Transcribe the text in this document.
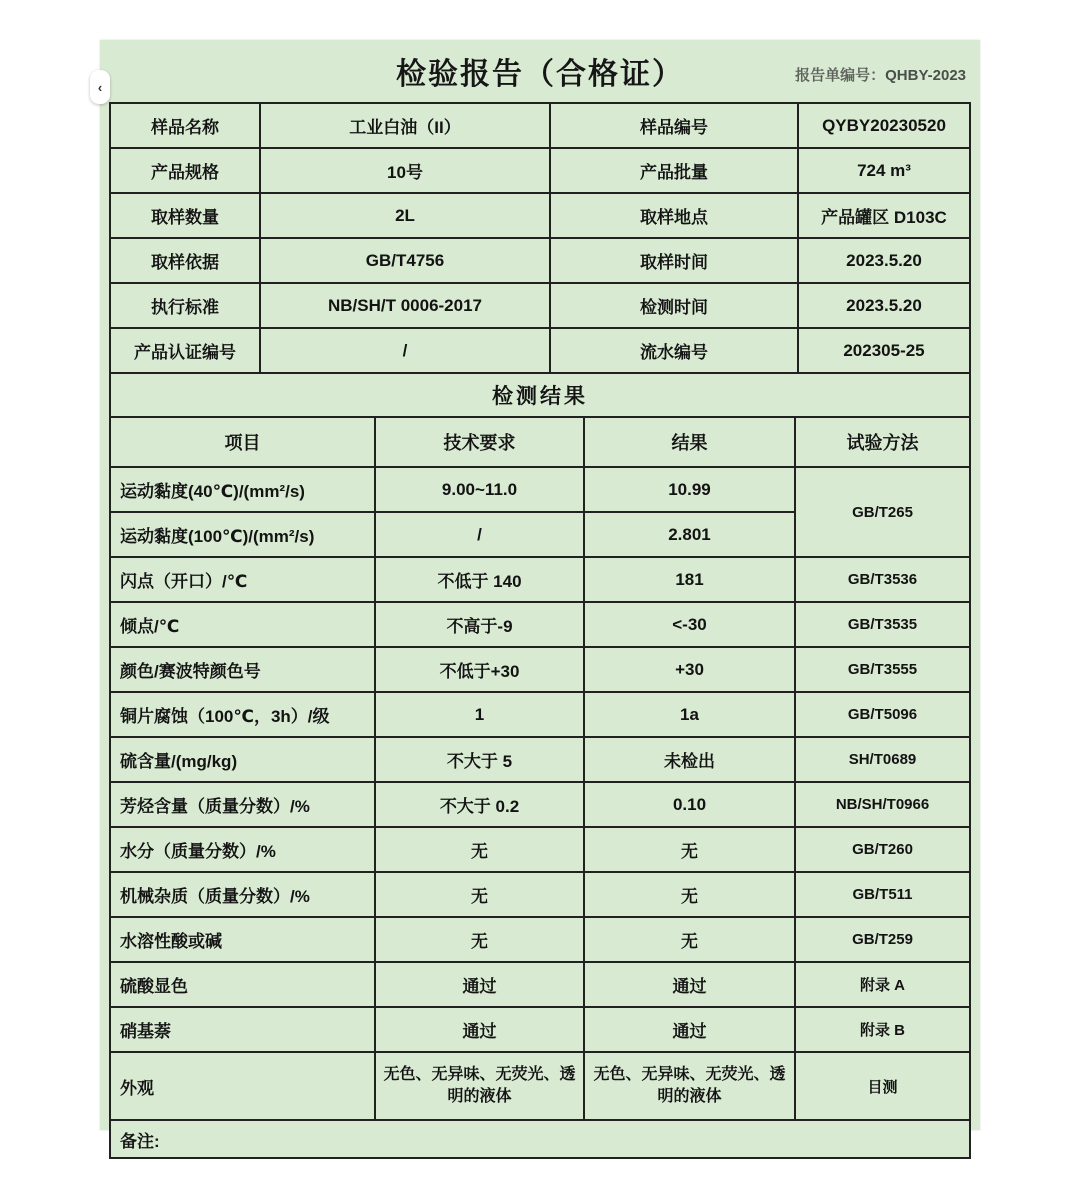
‹	检验报告（合格证）	报告单编号：QHBY-2023
样品名称	工业白油（II）	样品编号	QYBY20230520
产品规格	10号	产品批量	724 m³
取样数量	2L	取样地点	产品罐区 D103C
取样依据	GB/T4756	取样时间	2023.5.20
执行标准	NB/SH/T 0006-2017	检测时间	2023.5.20
产品认证编号	/	流水编号	202305-25
检测结果			
项目	技术要求	结果	试验方法
运动黏度(40℃)/(mm²/s)	9.00~11.0	10.99	GB/T265
运动黏度(100℃)/(mm²/s)	/	2.801	
闪点（开口）/℃	不低于 140	181	GB/T3536
倾点/℃	不高于-9	<-30	GB/T3535
颜色/赛波特颜色号	不低于+30	+30	GB/T3555
铜片腐蚀（100℃，3h）/级	1	1a	GB/T5096
硫含量/(mg/kg)	不大于 5	未检出	SH/T0689
芳烃含量（质量分数）/%	不大于 0.2	0.10	NB/SH/T0966
水分（质量分数）/%	无	无	GB/T260
机械杂质（质量分数）/%	无	无	GB/T511
水溶性酸或碱	无	无	GB/T259
硫酸显色	通过	通过	附录 A
硝基萘	通过	通过	附录 B
外观	无色、无异味、无荧光、透明的液体	无色、无异味、无荧光、透明的液体	目测
备注:			
